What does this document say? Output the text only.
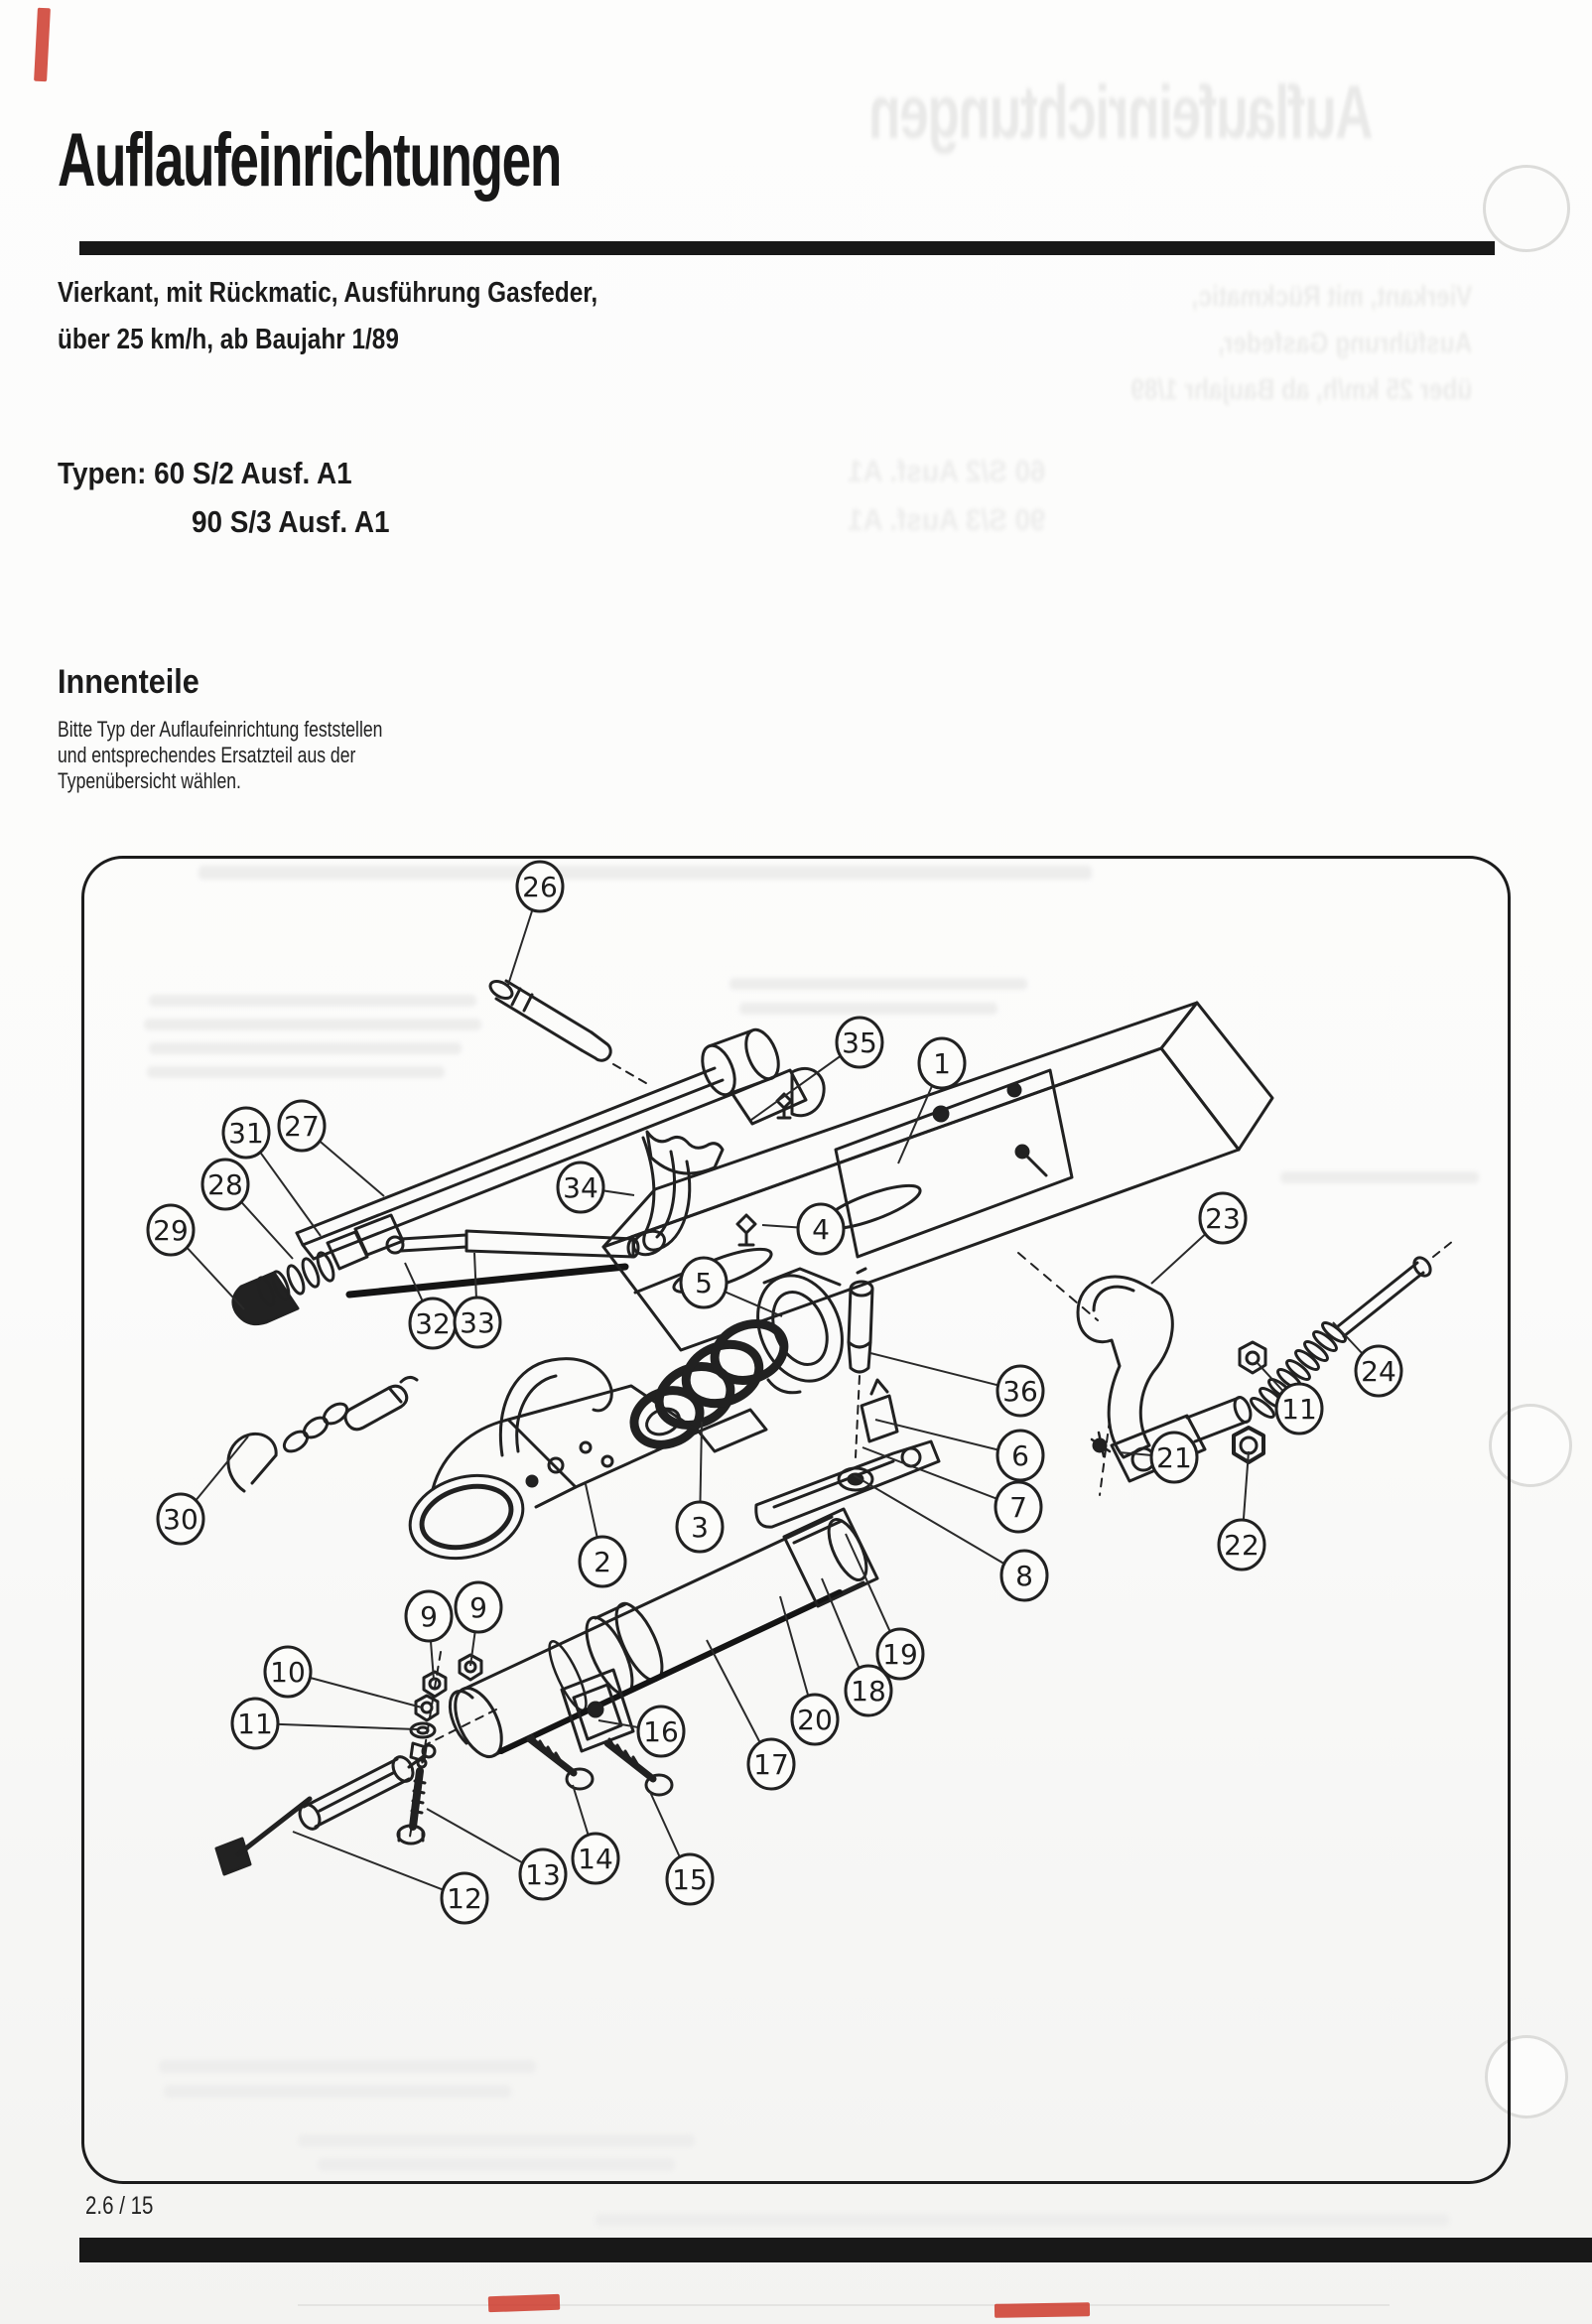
Auflaufeinrichtungen
Vierkant, mit Rückmatic, Ausführung Gasfeder,
über 25 km/h, ab Baujahr 1/89
60 S/2 Ausf. A1
90 S/3 Ausf. A1
Auflaufeinrichtungen
Vierkant, mit Rückmatic, Ausführung Gasfeder,
über 25 km/h, ab Baujahr 1/89
Typen: 60 S/2 Ausf. A1
90 S/3 Ausf. A1
Innenteile
Bitte Typ der Auflaufeinrichtung feststellen
und entsprechendes Ersatzteil aus der
Typenübersicht wählen.
26
35
1
31 27
28
29
34
4	23
5
32 33
36
24
11
6	21
7
2
3
8
22
30
9 9
10
11	16
19
18
20
17
13 14
15
12
2.6 / 15
